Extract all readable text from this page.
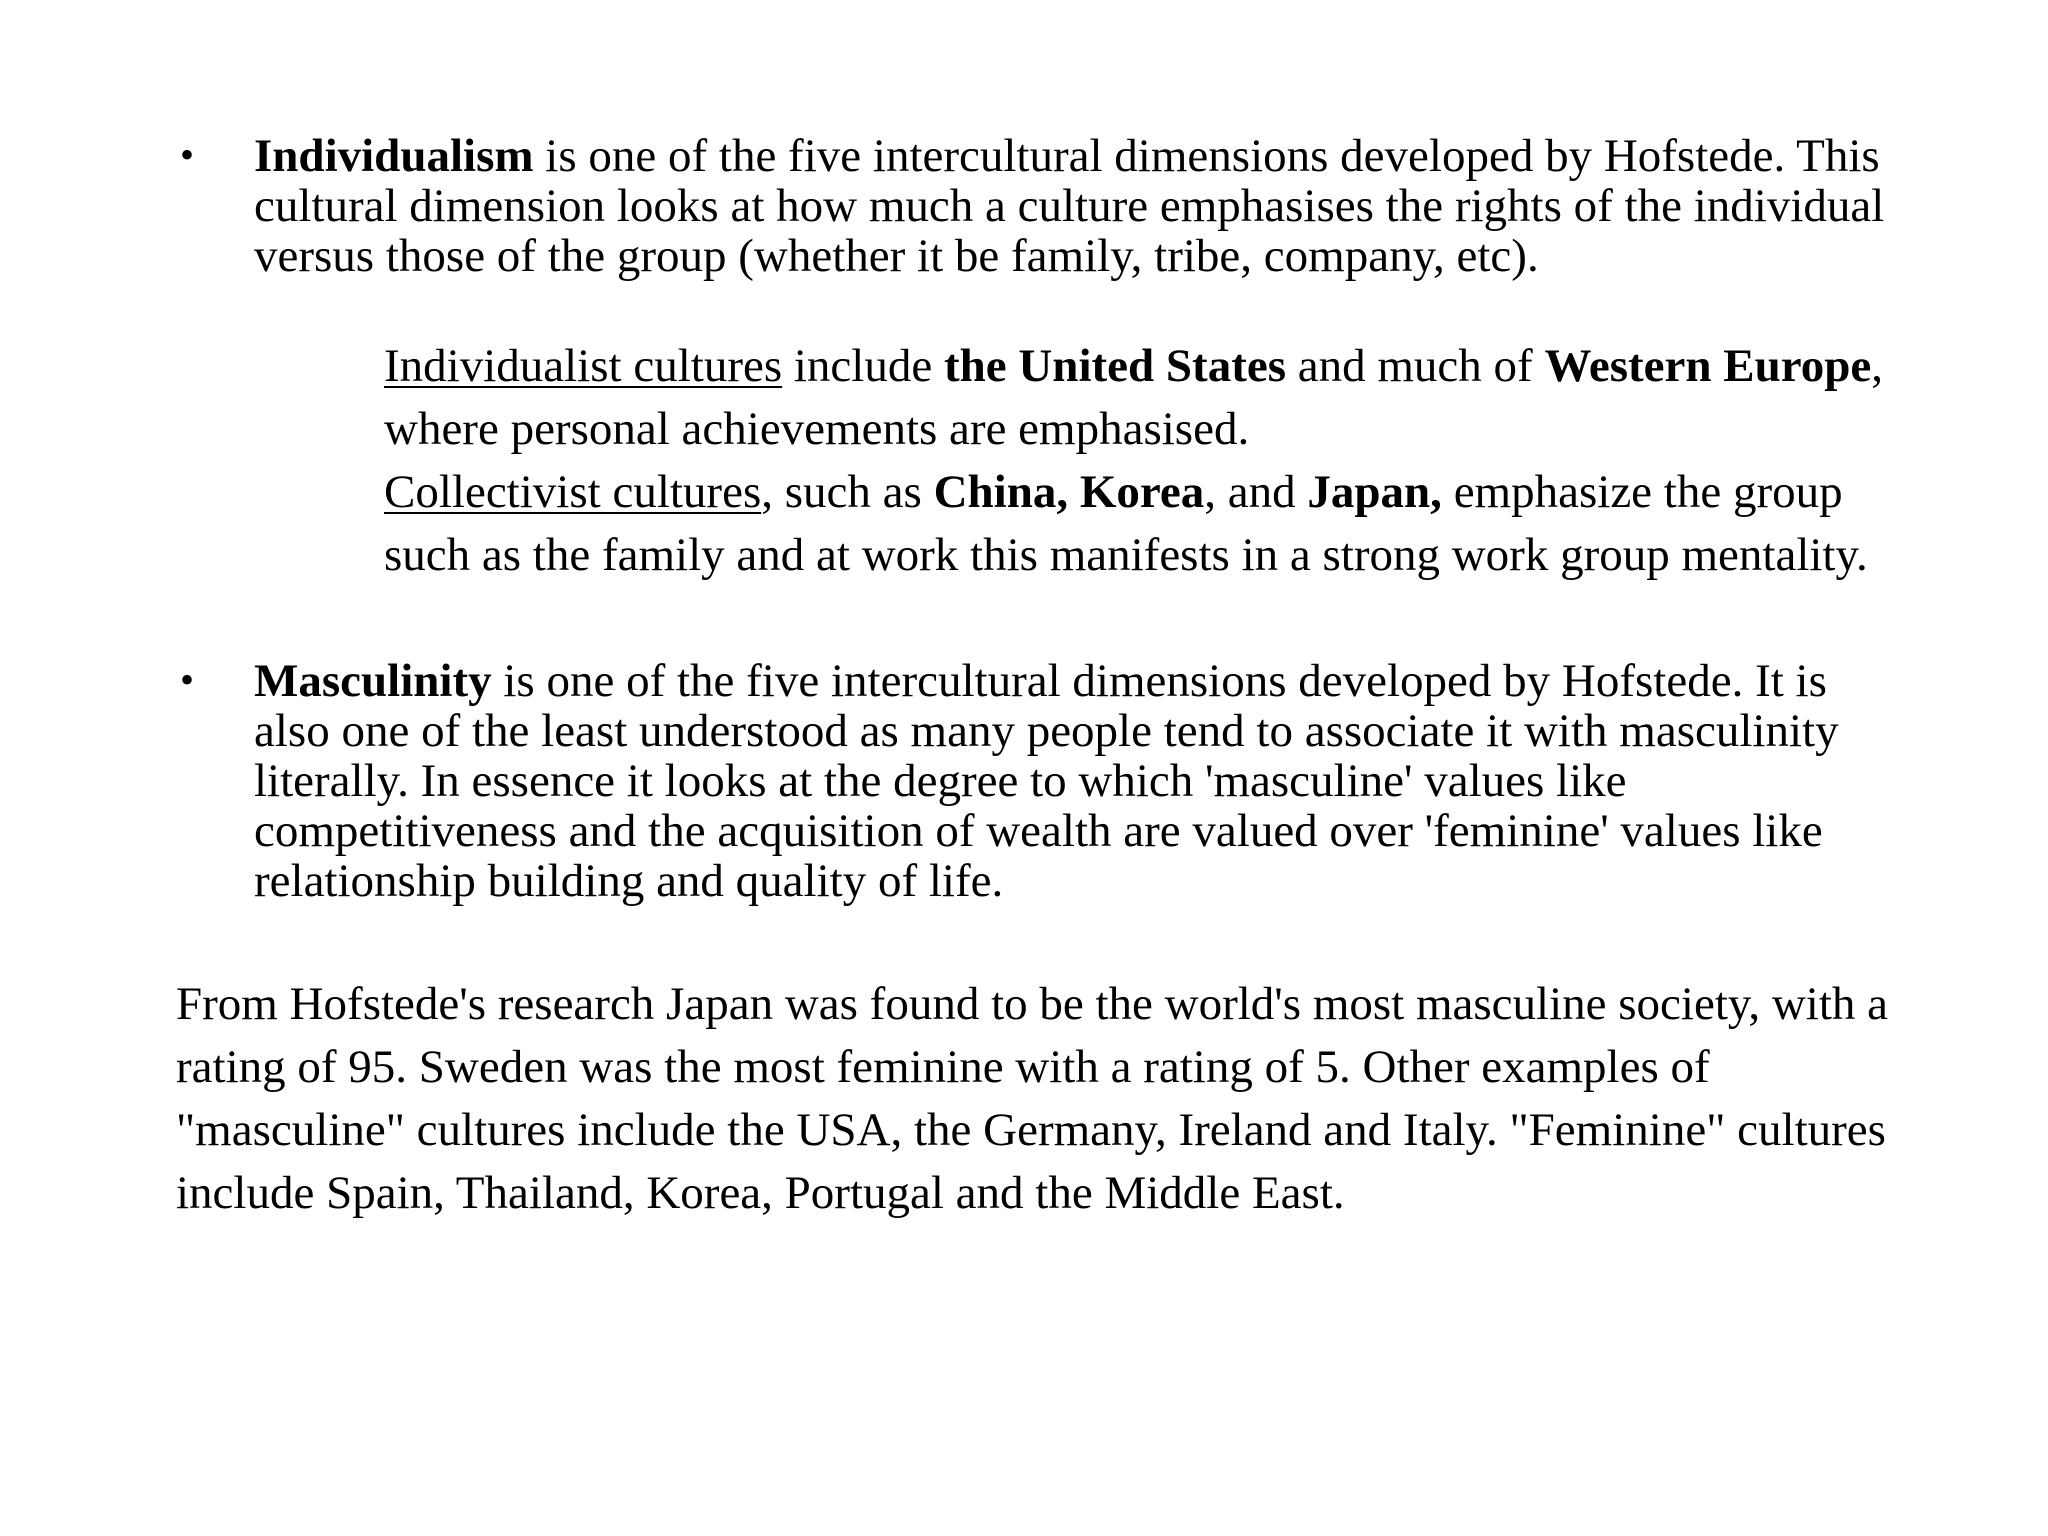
• Individualism is one of the five intercultural dimensions developed by Hofstede. This cultural dimension looks at how much a culture emphasises the rights of the individual versus those of the group (whether it be family, tribe, company, etc).
Individualist cultures include the United States and much of Western Europe, where personal achievements are emphasised.
Collectivist cultures, such as China, Korea, and Japan, emphasize the group such as the family and at work this manifests in a strong work group mentality.
• Masculinity is one of the five intercultural dimensions developed by Hofstede. It is also one of the least understood as many people tend to associate it with masculinity literally. In essence it looks at the degree to which 'masculine' values like competitiveness and the acquisition of wealth are valued over 'feminine' values like relationship building and quality of life.
From Hofstede's research Japan was found to be the world's most masculine society, with a rating of 95. Sweden was the most feminine with a rating of 5. Other examples of "masculine" cultures include the USA, the Germany, Ireland and Italy. "Feminine" cultures include Spain, Thailand, Korea, Portugal and the Middle East.
